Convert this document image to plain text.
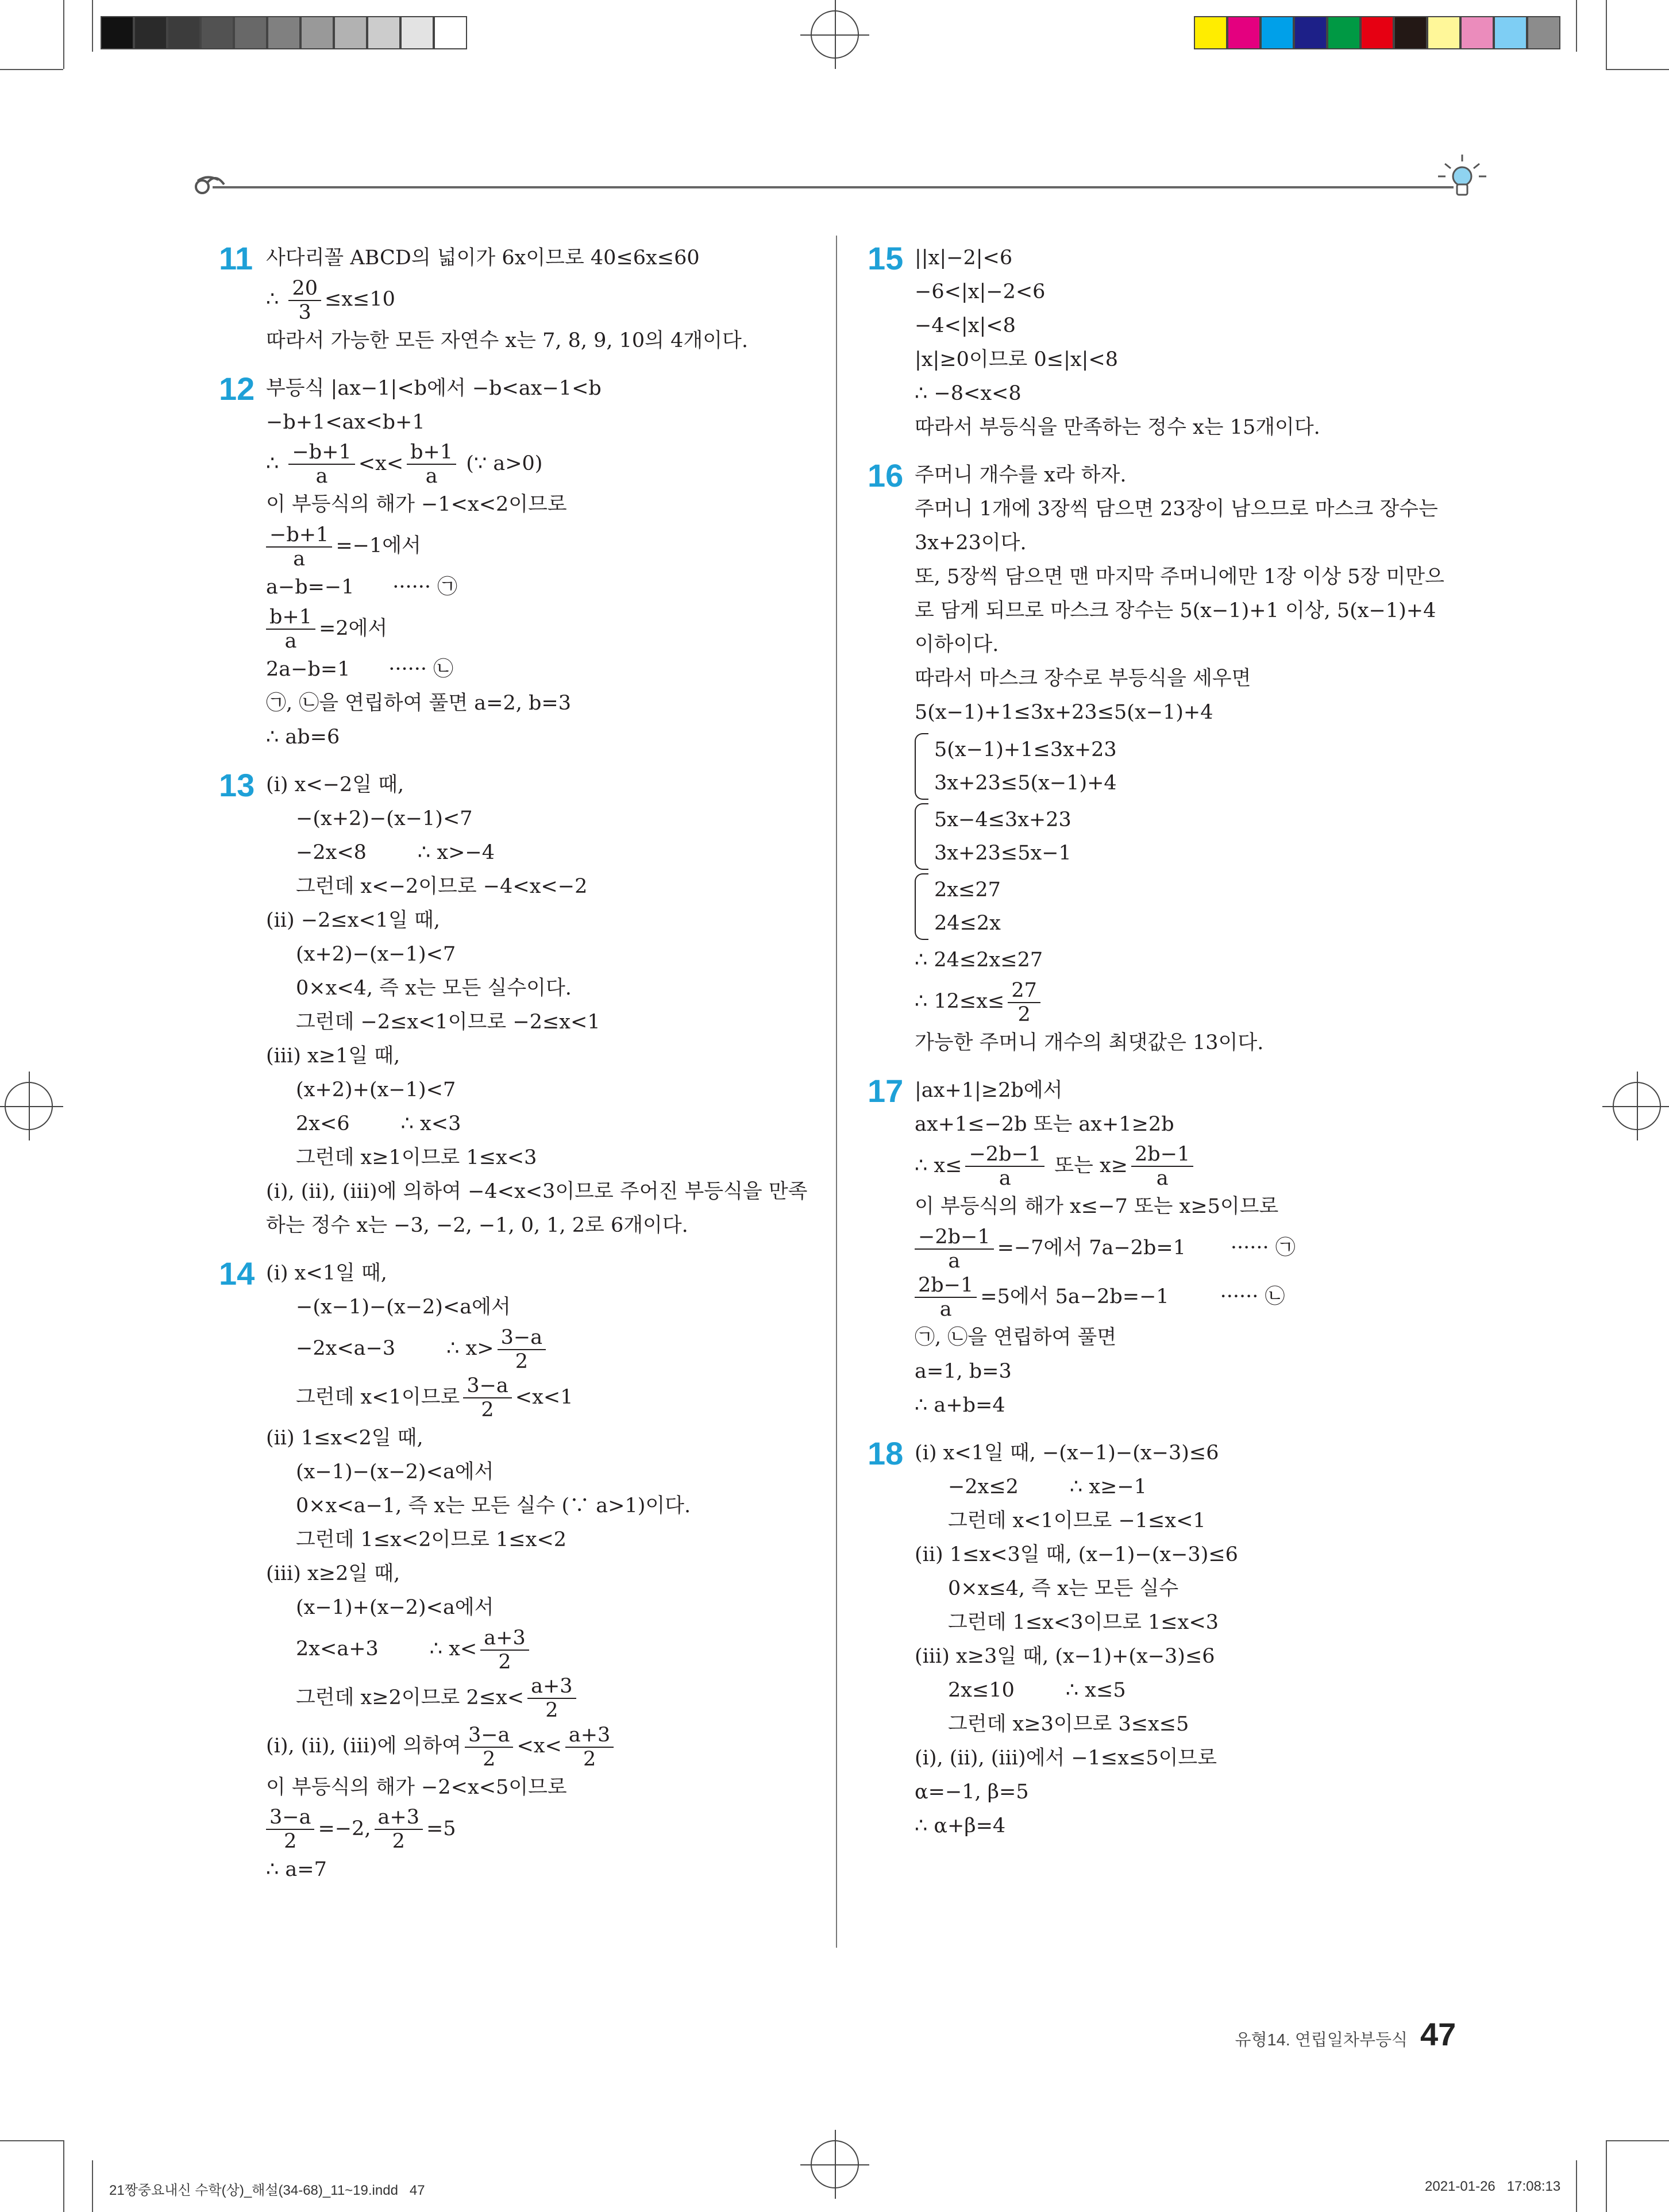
11 사다리꼴 ABCD의 넓이가 6x이므로 40≤6x≤60
∴ $\frac{20}{3} \le x\le 10$
따라서 가능한 모든 자연수 x는 7, 8, 9, 10의 4개이다.
12 부등식 |ax−1|<b에서 −b<ax−1<b
−b+1<ax<b+1
∴ $\frac{-b+1}{a} <x< \frac{b+1}{a}$ (∵ a>0)
이 부등식의 해가 −1<x<2이므로
$\frac{-b+1}{a} =-1$에서
a−b=−1      ······ ㉠
$\frac{b+1}{a} =2$에서
2a−b=1      ······ ㉡
㉠, ㉡을 연립하여 풀면 a=2, b=3
∴ ab=6
13 (ⅰ) x<−2일 때,
−(x+2)−(x−1)<7
−2x<8        ∴ x>−4
그런데 x<−2이므로 −4<x<−2
(ⅱ) −2≤x<1일 때,
(x+2)−(x−1)<7
0×x<4, 즉 x는 모든 실수이다.
그런데 −2≤x<1이므로 −2≤x<1
(ⅲ) x≥1일 때,
(x+2)+(x−1)<7
2x<6        ∴ x<3
그런데 x≥1이므로 1≤x<3
(ⅰ), (ⅱ), (ⅲ)에 의하여 −4<x<3이므로 주어진 부등식을 만족
하는 정수 x는 −3, −2, −1, 0, 1, 2로 6개이다.
14 (ⅰ) x<1일 때,
−(x−1)−(x−2)<a에서
−2x<a−3        ∴ $x> \frac{3-a}{2}$
그런데 x<1이므로 $\frac{3-a}{2} <x<1$
(ⅱ) 1≤x<2일 때,
(x−1)−(x−2)<a에서
0×x<a−1, 즉 x는 모든 실수 (∵ a>1)이다.
그런데 1≤x<2이므로 1≤x<2
(ⅲ) x≥2일 때,
(x−1)+(x−2)<a에서
2x<a+3        ∴ $x< \frac{a+3}{2}$
그런데 x≥2이므로 $2\le x< \frac{a+3}{2}$
(ⅰ), (ⅱ), (ⅲ)에 의하여 $\frac{3-a}{2} <x< \frac{a+3}{2}$
이 부등식의 해가 −2<x<5이므로
$\frac{3-a}{2} =-2$, $\frac{a+3}{2} =5$
∴ a=7
15 ||x|−2|<6
−6<|x|−2<6
−4<|x|<8
|x|≥0이므로 0≤|x|<8
∴ −8<x<8
따라서 부등식을 만족하는 정수 x는 15개이다.
16 주머니 개수를 x라 하자.
주머니 1개에 3장씩 담으면 23장이 남으므로 마스크 장수는
3x+23이다.
또, 5장씩 담으면 맨 마지막 주머니에만 1장 이상 5장 미만으
로 담게 되므로 마스크 장수는 5(x−1)+1 이상, 5(x−1)+4
이하이다.
따라서 마스크 장수로 부등식을 세우면
5(x−1)+1≤3x+23≤5(x−1)+4
5(x−1)+1≤3x+23
3x+23≤5(x−1)+4
5x−4≤3x+23
3x+23≤5x−1
2x≤27
24≤2x
∴ 24≤2x≤27
∴ $12\le x\le \frac{27}{2}$
가능한 주머니 개수의 최댓값은 13이다.
17 |ax+1|≥2b에서
ax+1≤−2b 또는 ax+1≥2b
∴ $x\le \frac{-2b-1}{a}$ 또는 $x\ge \frac{2b-1}{a}$
이 부등식의 해가 x≤−7 또는 x≥5이므로
$\frac{-2b-1}{a} =-7$에서 7a−2b=1       ······ ㉠
$\frac{2b-1}{a} =5$에서 5a−2b=−1        ······ ㉡
㉠, ㉡을 연립하여 풀면
a=1, b=3
∴ a+b=4
18 (ⅰ) x<1일 때, −(x−1)−(x−3)≤6
−2x≤2        ∴ x≥−1
그런데 x<1이므로 −1≤x<1
(ⅱ) 1≤x<3일 때, (x−1)−(x−3)≤6
0×x≤4, 즉 x는 모든 실수
그런데 1≤x<3이므로 1≤x<3
(ⅲ) x≥3일 때, (x−1)+(x−3)≤6
2x≤10        ∴ x≤5
그런데 x≥3이므로 3≤x≤5
(ⅰ), (ⅱ), (ⅲ)에서 −1≤x≤5이므로
α=−1, β=5
∴ α+β=4
유형14. 연립일차부등식 47
21짱중요내신 수학(상)_해설(34-68)_11~19.indd   47	2021-01-26   17:08:13
